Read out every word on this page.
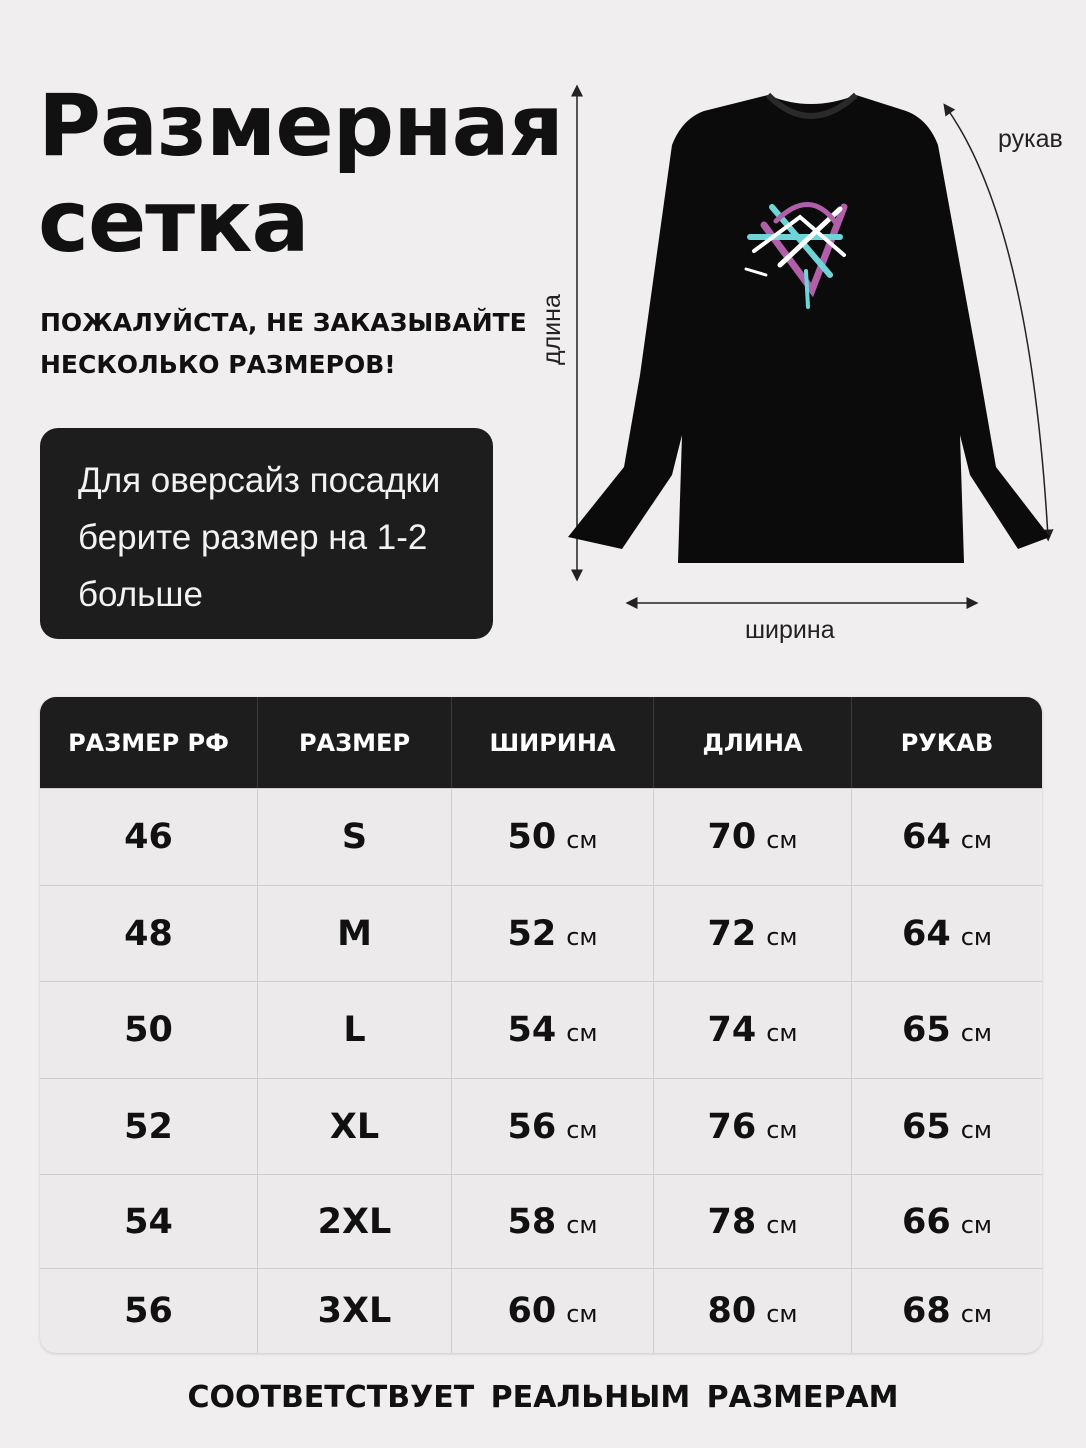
Размерная
сетка
ПОЖАЛУЙСТА, НЕ ЗАКАЗЫВАЙТЕ
НЕСКОЛЬКО РАЗМЕРОВ!
Для оверсайз посадки
берите размер на 1-2
больше
рукав
длина
ширина
РАЗМЕР РФ	РАЗМЕР	ШИРИНА	ДЛИНА	РУКАВ
46	S	50 см	70 см	64 см
48	M	52 см	72 см	64 см
50	L	54 см	74 см	65 см
52	XL	56 см	76 см	65 см
54	2XL	58 см	78 см	66 см
56	3XL	60 см	80 см	68 см
СООТВЕТСТВУЕТ РЕАЛЬНЫМ РАЗМЕРАМ
